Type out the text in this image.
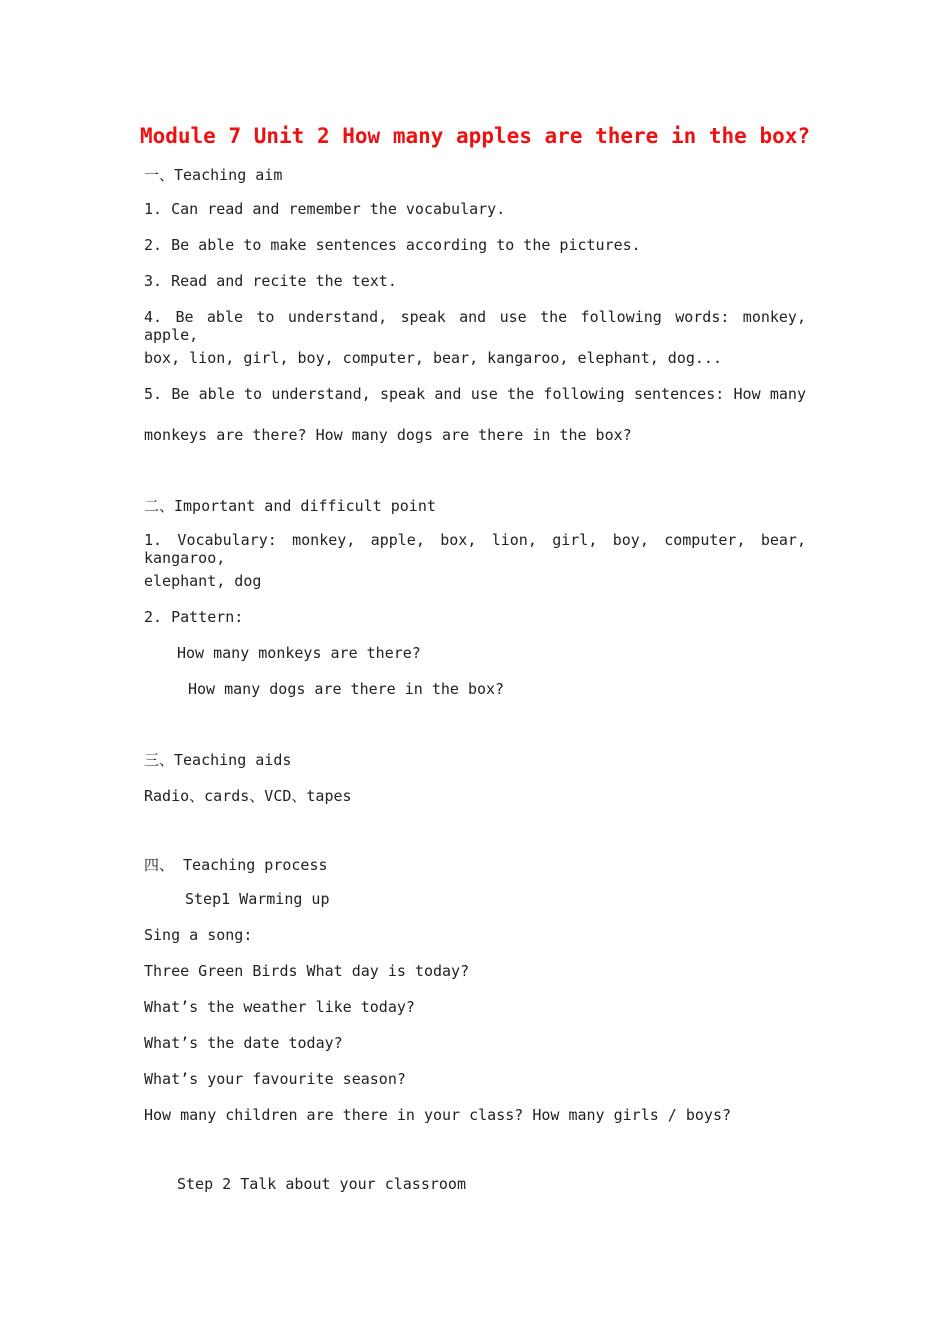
Module 7 Unit 2 How many apples are there in the box?
一、Teaching aim
1. Can read and remember the vocabulary.
2. Be able to make sentences according to the pictures.
3. Read and recite the text.
4. Be able to understand, speak and use the following words: monkey, apple,
box, lion, girl, boy, computer, bear, kangaroo, elephant, dog...
5. Be able to understand, speak and use the following sentences: How many
monkeys are there? How many dogs are there in the box?
二、Important and difficult point
1. Vocabulary: monkey, apple, box, lion, girl, boy, computer, bear, kangaroo,
elephant, dog
2. Pattern:
How many monkeys are there?
How many dogs are there in the box?
三、Teaching aids
Radio、cards、VCD、tapes
四、 Teaching process
Step1 Warming up
Sing a song:
Three Green Birds What day is today?
What’s the weather like today?
What’s the date today?
What’s your favourite season?
How many children are there in your class? How many girls / boys?
Step 2 Talk about your classroom
